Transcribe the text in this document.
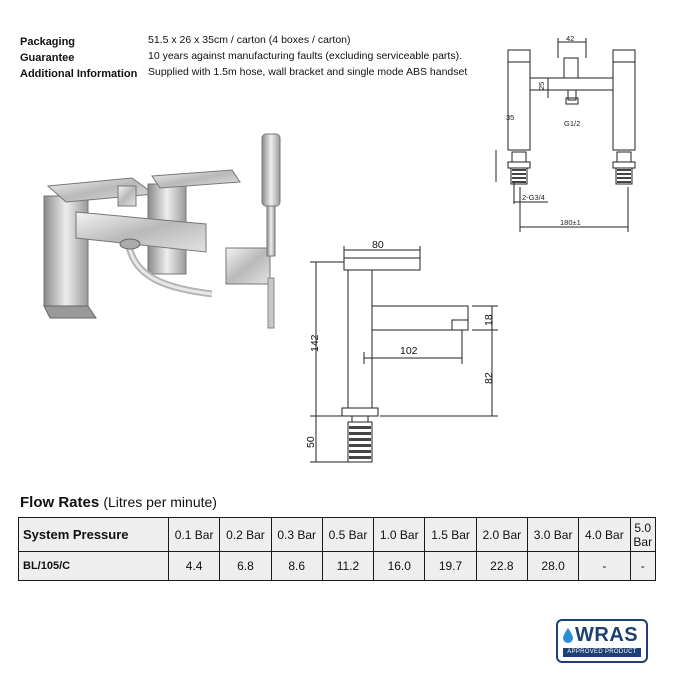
Packaging	51.5 x 26 x 35cm / carton (4 boxes / carton)
Guarantee	10 years against manufacturing faults (excluding serviceable parts).
Additional Information Supplied with 1.5m hose, wall bracket and single mode ABS handset
42
25
35
G1/2
2-G3/4
180±1
80
142
18
102
82
50
Flow Rates (Litres per minute)
System Pressure	0.1 Bar	0.2 Bar	0.3 Bar	0.5 Bar	1.0 Bar	1.5 Bar	2.0 Bar	3.0 Bar	4.0 Bar	5.0
Bar
BL/105/C	4.4	6.8	8.6	11.2	16.0	19.7	22.8	28.0	-	-
WRAS
APPROVED PRODUCT
